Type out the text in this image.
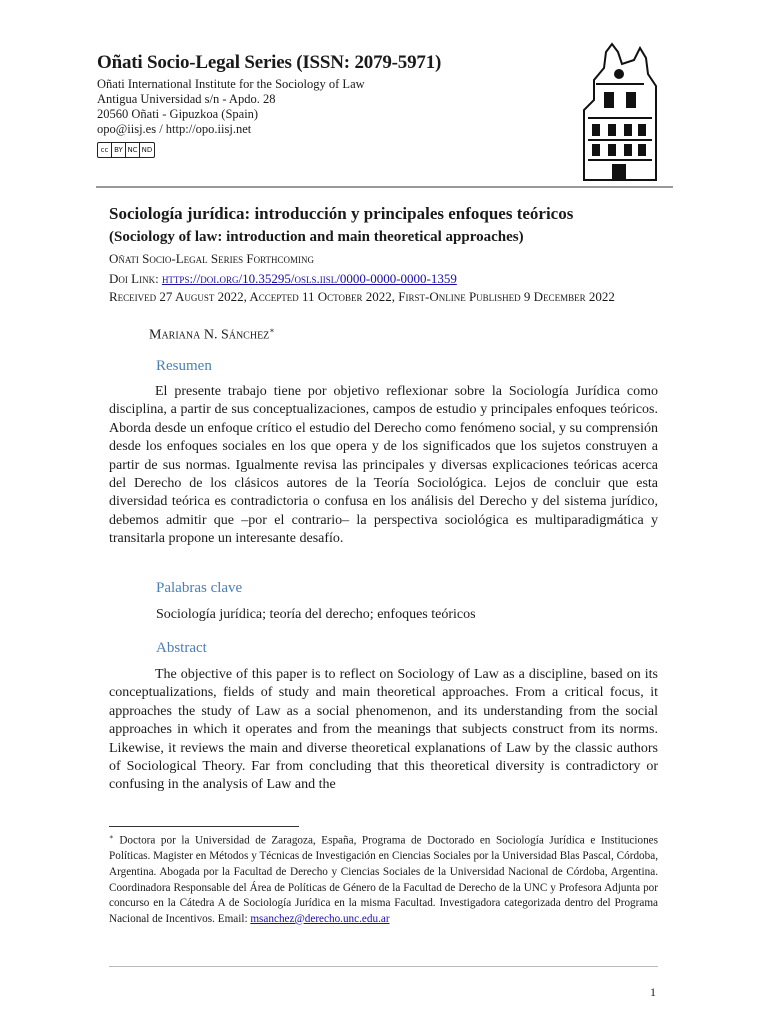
Oñati Socio-Legal Series (ISSN: 2079-5971)
Oñati International Institute for the Sociology of Law
Antigua Universidad s/n - Apdo. 28
20560 Oñati - Gipuzkoa (Spain)
opo@iisj.es / http://opo.iisj.net
cc BY NC ND
Sociología jurídica: introducción y principales enfoques teóricos
(Sociology of law: introduction and main theoretical approaches)
Oñati Socio-Legal Series Forthcoming
Doi Link: https://doi.org/10.35295/osls.iisl/0000-0000-0000-1359
Received 27 August 2022, Accepted 11 October 2022, First-Online Published 9 December 2022
Mariana N. Sánchez∗
Resumen
El presente trabajo tiene por objetivo reflexionar sobre la Sociología Jurídica como disciplina, a partir de sus conceptualizaciones, campos de estudio y principales enfoques teóricos. Aborda desde un enfoque crítico el estudio del Derecho como fenómeno social, y su comprensión desde los enfoques sociales en los que opera y de los significados que los sujetos construyen a partir de sus normas. Igualmente revisa las principales y diversas explicaciones teóricas acerca del Derecho de los clásicos autores de la Teoría Sociológica. Lejos de concluir que esta diversidad teórica es contradictoria o confusa en los análisis del Derecho y del sistema jurídico, debemos admitir que –por el contrario– la perspectiva sociológica es multiparadigmática y transitarla propone un interesante desafío.
Palabras clave
Sociología jurídica; teoría del derecho; enfoques teóricos
Abstract
The objective of this paper is to reflect on Sociology of Law as a discipline, based on its conceptualizations, fields of study and main theoretical approaches. From a critical focus, it approaches the study of Law as a social phenomenon, and its understanding from the social approaches in which it operates and from the meanings that subjects construct from its norms. Likewise, it reviews the main and diverse theoretical explanations of Law by the classic authors of Sociological Theory. Far from concluding that this theoretical diversity is contradictory or confusing in the analysis of Law and the
∗ Doctora por la Universidad de Zaragoza, España, Programa de Doctorado en Sociología Jurídica e Instituciones Políticas. Magister en Métodos y Técnicas de Investigación en Ciencias Sociales por la Universidad Blas Pascal, Córdoba, Argentina. Abogada por la Facultad de Derecho y Ciencias Sociales de la Universidad Nacional de Córdoba, Argentina. Coordinadora Responsable del Área de Políticas de Género de la Facultad de Derecho de la UNC y Profesora Adjunta por concurso en la Cátedra A de Sociología Jurídica en la misma Facultad. Investigadora categorizada dentro del Programa Nacional de Incentivos. Email: msanchez@derecho.unc.edu.ar
1
